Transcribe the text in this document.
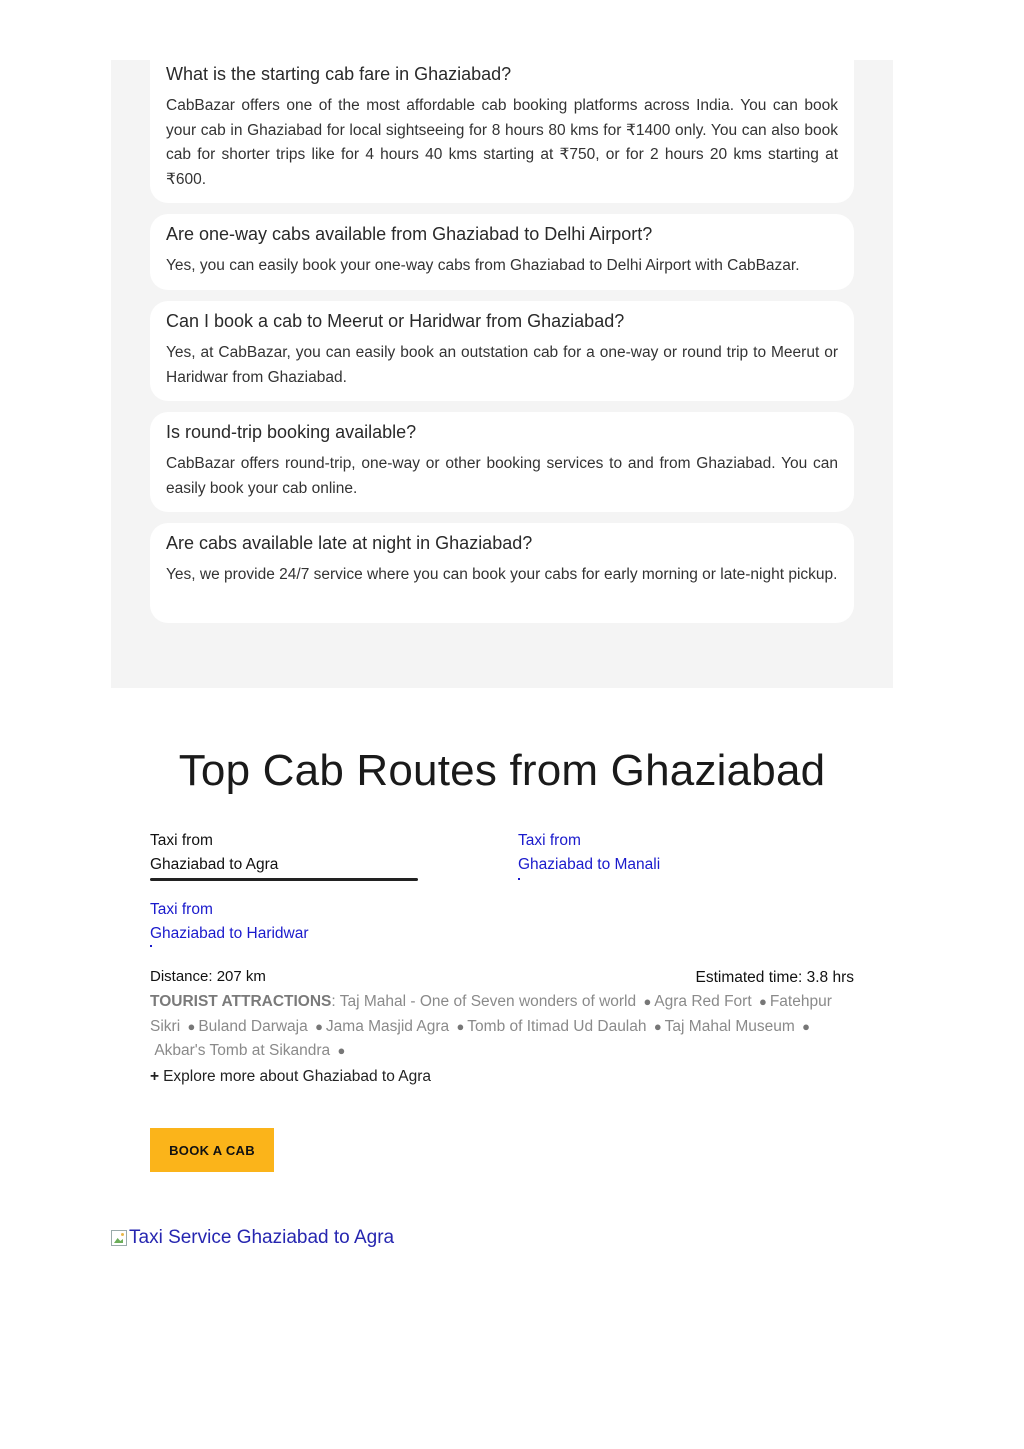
What is the starting cab fare in Ghaziabad?

CabBazar offers one of the most affordable cab booking platforms across India. You can book your cab in Ghaziabad for local sightseeing for 8 hours 80 kms for ₹1400 only. You can also book cab for shorter trips like for 4 hours 40 kms starting at ₹750, or for 2 hours 20 kms starting at ₹600.

Are one-way cabs available from Ghaziabad to Delhi Airport?

Yes, you can easily book your one-way cabs from Ghaziabad to Delhi Airport with CabBazar.

Can I book a cab to Meerut or Haridwar from Ghaziabad?

Yes, at CabBazar, you can easily book an outstation cab for a one-way or round trip to Meerut or Haridwar from Ghaziabad.

Is round-trip booking available?

CabBazar offers round-trip, one-way or other booking services to and from Ghaziabad. You can easily book your cab online.

Are cabs available late at night in Ghaziabad?

Yes, we provide 24/7 service where you can book your cabs for early morning or late-night pickup.

Top Cab Routes from Ghaziabad
Taxi from
Ghaziabad to Agra
Taxi from
Ghaziabad to Manali
Taxi from
Ghaziabad to Haridwar
Distance: 207 km	Estimated time: 3.8 hrs
TOURIST ATTRACTIONS: Taj Mahal - One of Seven wonders of world ● Agra Red Fort ● Fatehpur Sikri ● Buland Darwaja ● Jama Masjid Agra ● Tomb of Itimad Ud Daulah ● Taj Mahal Museum ●
Akbar's Tomb at Sikandra ●
+ Explore more about Ghaziabad to Agra
BOOK A CAB
Taxi Service Ghaziabad to Agra
